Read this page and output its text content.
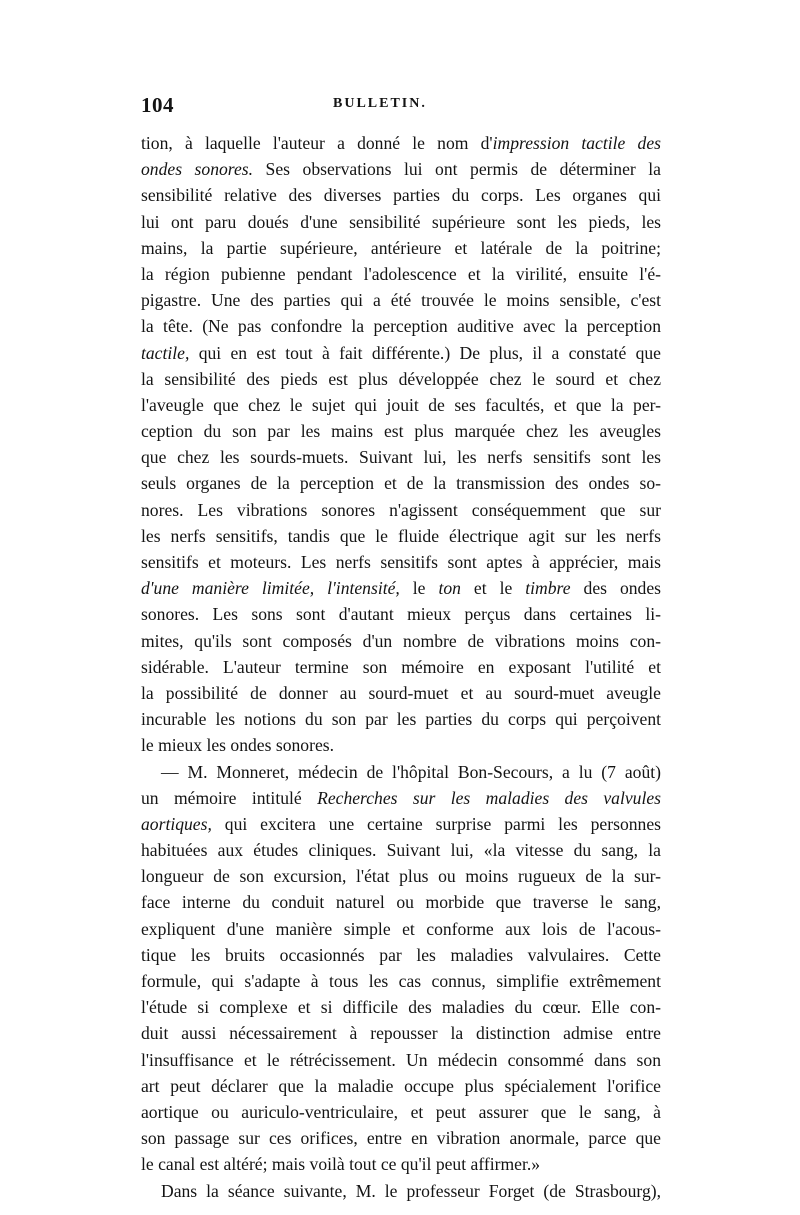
104	BULLETIN.
tion, à laquelle l'auteur a donné le nom d'impression tactile des
ondes sonores. Ses observations lui ont permis de déterminer la
sensibilité relative des diverses parties du corps. Les organes qui
lui ont paru doués d'une sensibilité supérieure sont les pieds, les
mains, la partie supérieure, antérieure et latérale de la poitrine;
la région pubienne pendant l'adolescence et la virilité, ensuite l'é-
pigastre. Une des parties qui a été trouvée le moins sensible, c'est
la tête. (Ne pas confondre la perception auditive avec la perception
tactile, qui en est tout à fait différente.) De plus, il a constaté que
la sensibilité des pieds est plus développée chez le sourd et chez
l'aveugle que chez le sujet qui jouit de ses facultés, et que la per-
ception du son par les mains est plus marquée chez les aveugles
que chez les sourds-muets. Suivant lui, les nerfs sensitifs sont les
seuls organes de la perception et de la transmission des ondes so-
nores. Les vibrations sonores n'agissent conséquemment que sur
les nerfs sensitifs, tandis que le fluide électrique agit sur les nerfs
sensitifs et moteurs. Les nerfs sensitifs sont aptes à apprécier, mais
d'une manière limitée, l'intensité, le ton et le timbre des ondes
sonores. Les sons sont d'autant mieux perçus dans certaines li-
mites, qu'ils sont composés d'un nombre de vibrations moins con-
sidérable. L'auteur termine son mémoire en exposant l'utilité et
la possibilité de donner au sourd-muet et au sourd-muet aveugle
incurable les notions du son par les parties du corps qui perçoivent
le mieux les ondes sonores.
— M. Monneret, médecin de l'hôpital Bon-Secours, a lu (7 août)
un mémoire intitulé Recherches sur les maladies des valvules
aortiques, qui excitera une certaine surprise parmi les personnes
habituées aux études cliniques. Suivant lui, «la vitesse du sang, la
longueur de son excursion, l'état plus ou moins rugueux de la sur-
face interne du conduit naturel ou morbide que traverse le sang,
expliquent d'une manière simple et conforme aux lois de l'acous-
tique les bruits occasionnés par les maladies valvulaires. Cette
formule, qui s'adapte à tous les cas connus, simplifie extrêmement
l'étude si complexe et si difficile des maladies du cœur. Elle con-
duit aussi nécessairement à repousser la distinction admise entre
l'insuffisance et le rétrécissement. Un médecin consommé dans son
art peut déclarer que la maladie occupe plus spécialement l'orifice
aortique ou auriculo-ventriculaire, et peut assurer que le sang, à
son passage sur ces orifices, entre en vibration anormale, parce que
le canal est altéré; mais voilà tout ce qu'il peut affirmer.»
Dans la séance suivante, M. le professeur Forget (de Strasbourg),
